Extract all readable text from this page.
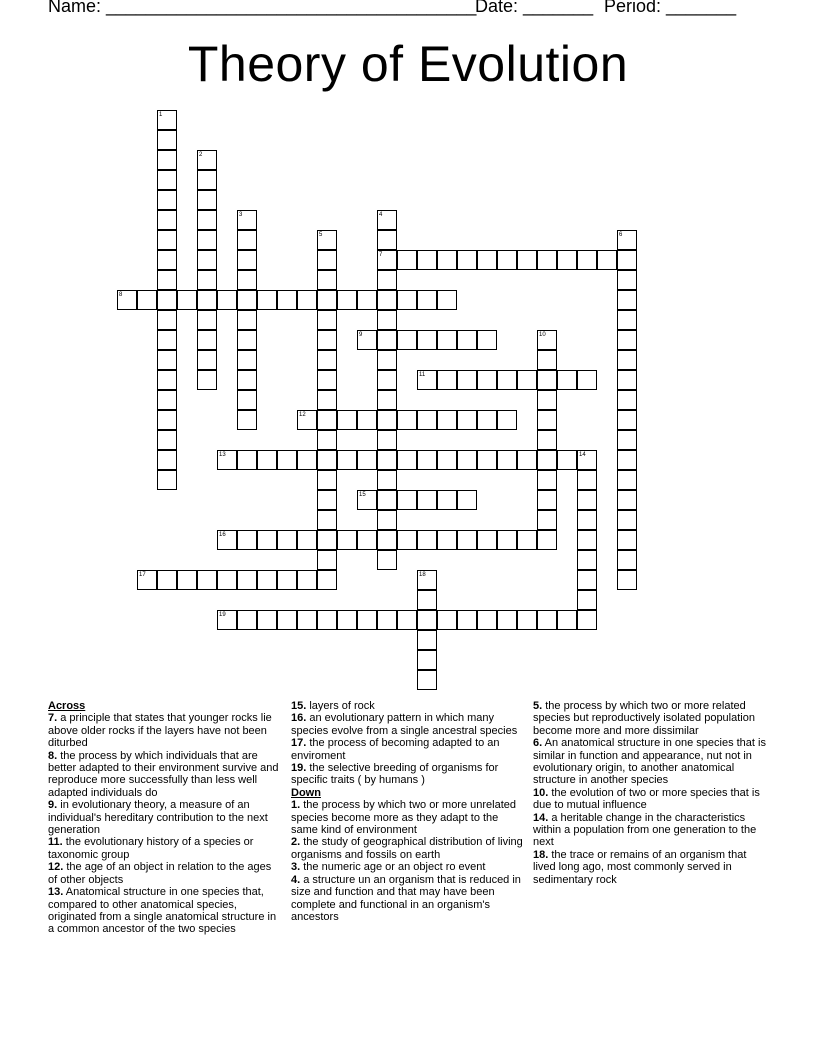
Name: _____________________________________

Date: _______

Period: _______

Theory of Evolution
1
2
3	4
7
5	6
8
9	10
11
12
13	14
15
16
17	18
19

Across

7. a principle that states that younger rocks lie above older rocks if the layers have not been diturbed

8. the process by which individuals that are better adapted to their environment survive and reproduce more successfully than less well adapted individuals do

9. in evolutionary theory, a measure of an individual's hereditary contribution to the next generation

11. the evolutionary history of a species or taxonomic group

12. the age of an object in relation to the ages of other objects

13. Anatomical structure in one species that, compared to other anatomical species, originated from a single anatomical structure in a common ancestor of the two species

15. layers of rock

16. an evolutionary pattern in which many species evolve from a single ancestral species

17. the process of becoming adapted to an enviroment

19. the selective breeding of organisms for specific traits ( by humans )

Down

1. the process by which two or more unrelated species become more as they adapt to the same kind of environment

2. the study of geographical distribution of living organisms and fossils on earth

3. the numeric age or an object ro event

4. a structure un an organism that is reduced in size and function and that may have been complete and functional in an organism's ancestors

5. the process by which two or more related species but reproductively isolated population become more and more dissimilar

6. An anatomical structure in one species that is similar in function and appearance, nut not in evolutionary origin, to another anatomical structure in another species

10. the evolution of two or more species that is due to mutual influence

14. a heritable change in the characteristics within a population from one generation to the next

18. the trace or remains of an organism that lived long ago, most commonly served in sedimentary rock
